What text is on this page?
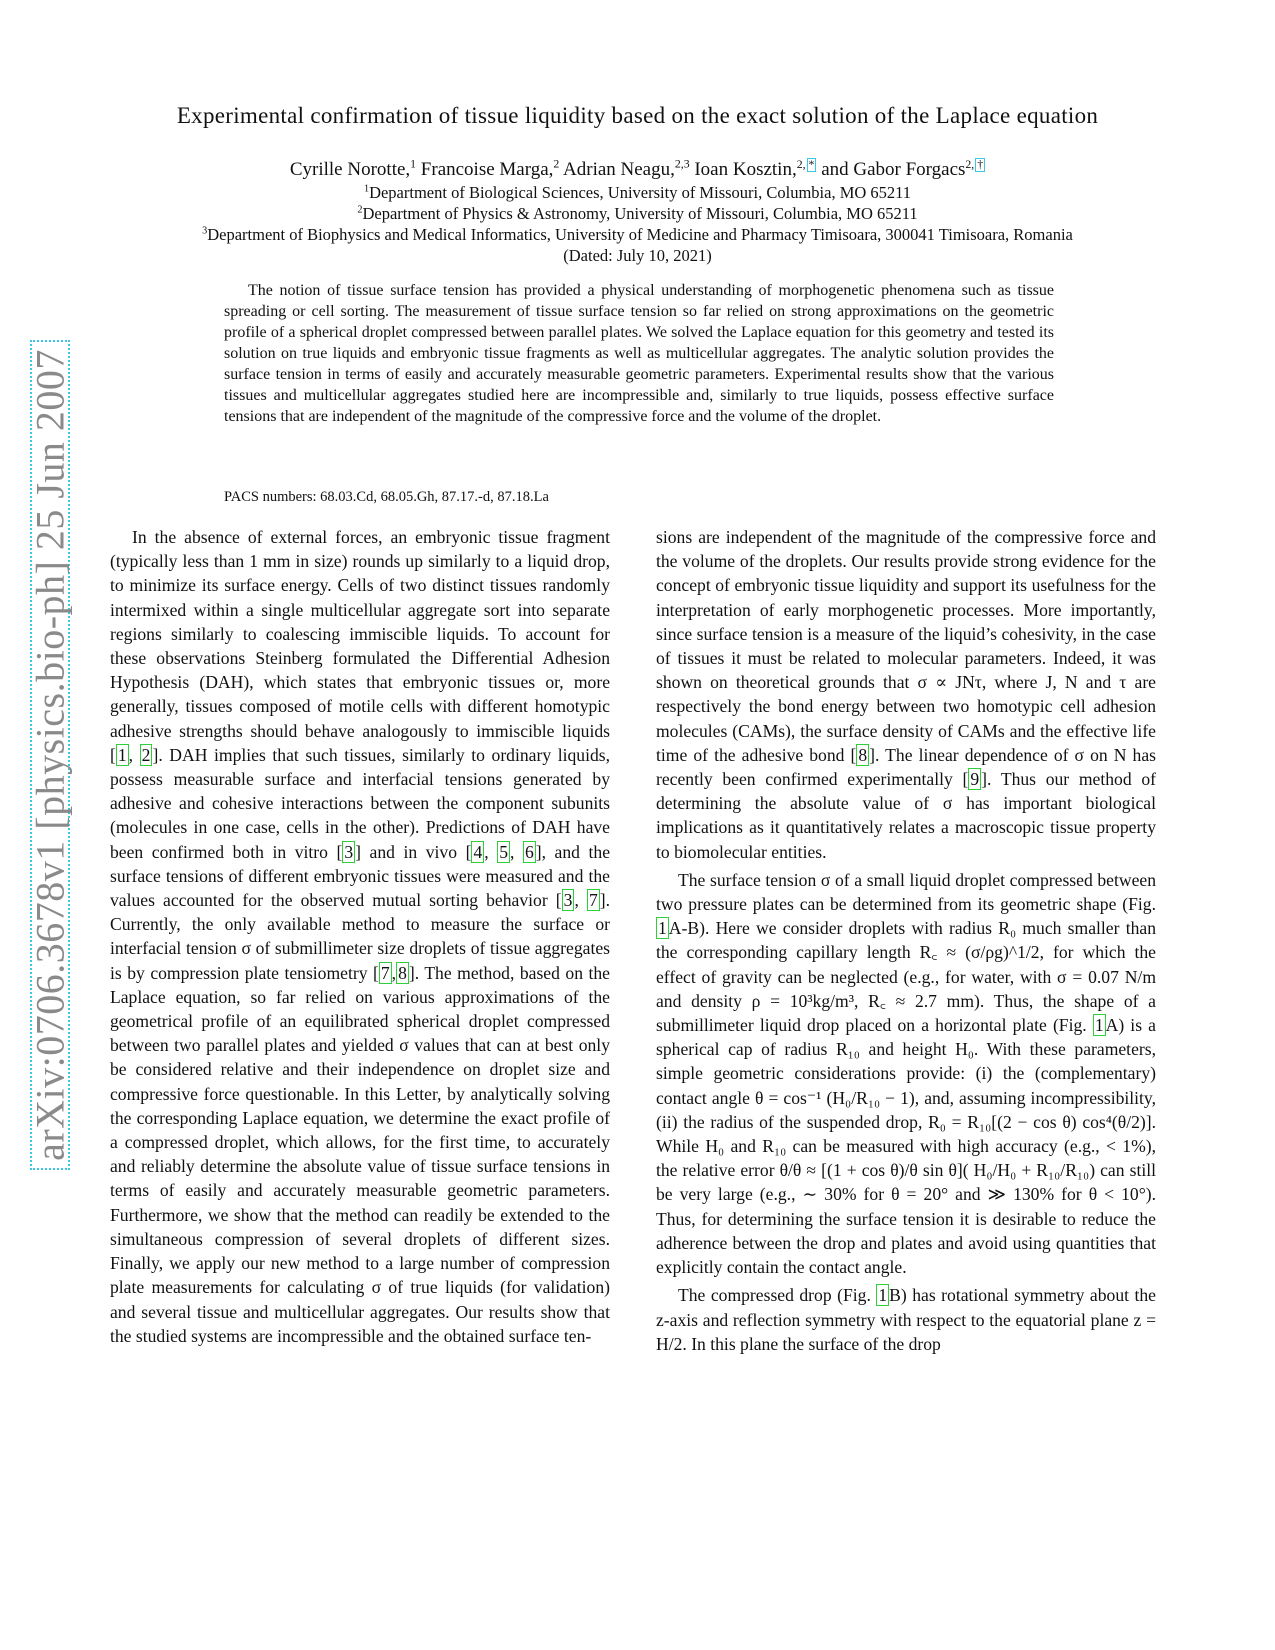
arXiv:0706.3678v1 [physics.bio-ph] 25 Jun 2007
Experimental confirmation of tissue liquidity based on the exact solution of the Laplace equation
Cyrille Norotte,$^1$ Francoise Marga,$^2$ Adrian Neagu,$^{2,3}$ Ioan Kosztin,$^{2, *}$ and Gabor Forgacs$^{2, \dagger}$
$^1$Department of Biological Sciences, University of Missouri, Columbia, MO 65211
$^2$Department of Physics & Astronomy, University of Missouri, Columbia, MO 65211
$^3$Department of Biophysics and Medical Informatics, University of Medicine and Pharmacy Timisoara, 300041 Timisoara, Romania
(Dated: July 10, 2021)
The notion of tissue surface tension has provided a physical understanding of morphogenetic phenomena such as tissue spreading or cell sorting. The measurement of tissue surface tension so far relied on strong approximations on the geometric profile of a spherical droplet compressed between parallel plates. We solved the Laplace equation for this geometry and tested its solution on true liquids and embryonic tissue fragments as well as multicellular aggregates. The analytic solution provides the surface tension in terms of easily and accurately measurable geometric parameters. Experimental results show that the various tissues and multicellular aggregates studied here are incompressible and, similarly to true liquids, possess effective surface tensions that are independent of the magnitude of the compressive force and the volume of the droplet.
PACS numbers: 68.03.Cd, 68.05.Gh, 87.17.-d, 87.18.La

In the absence of external forces, an embryonic tissue fragment (typically less than 1 mm in size) rounds up similarly to a liquid drop, to minimize its surface energy. Cells of two distinct tissues randomly intermixed within a single multicellular aggregate sort into separate regions similarly to coalescing immiscible liquids. To account for these observations Steinberg formulated the Differential Adhesion Hypothesis (DAH), which states that embryonic tissues or, more generally, tissues composed of motile cells with different homotypic adhesive strengths should behave analogously to immiscible liquids [ 1 , 2 ]. DAH implies that such tissues, similarly to ordinary liquids, possess measurable surface and interfacial tensions generated by adhesive and cohesive interactions between the component subunits (molecules in one case, cells in the other). Predictions of DAH have been confirmed both in vitro [ 3 ] and in vivo [ 4 , 5 , 6 ], and the surface tensions of different embryonic tissues were measured and the values accounted for the observed mutual sorting behavior [ 3 , 7 ]. Currently, the only available method to measure the surface or interfacial tension σ of submillimeter size droplets of tissue aggregates is by compression plate tensiometry [ 7 , 8 ]. The method, based on the Laplace equation, so far relied on various approximations of the geometrical profile of an equilibrated spherical droplet compressed between two parallel plates and yielded σ values that can at best only be considered relative and their independence on droplet size and compressive force questionable. In this Letter, by analytically solving the corresponding Laplace equation, we determine the exact profile of a compressed droplet, which allows, for the first time, to accurately and reliably determine the absolute value of tissue surface tensions in terms of easily and accurately measurable geometric parameters. Furthermore, we show that the method can readily be extended to the simultaneous compression of several droplets of different sizes. Finally, we apply our new method to a large number of compression plate measurements for calculating σ of true liquids (for validation) and several tissue and multicellular aggregates. Our results show that the studied systems are incompressible and the obtained surface ten-

sions are independent of the magnitude of the compressive force and the volume of the droplets. Our results provide strong evidence for the concept of embryonic tissue liquidity and support its usefulness for the interpretation of early morphogenetic processes. More importantly, since surface tension is a measure of the liquid’s cohesivity, in the case of tissues it must be related to molecular parameters. Indeed, it was shown on theoretical grounds that σ ∝ JNτ, where J, N and τ are respectively the bond energy between two homotypic cell adhesion molecules (CAMs), the surface density of CAMs and the effective life time of the adhesive bond [ 8 ]. The linear dependence of σ on N has recently been confirmed experimentally [ 9 ]. Thus our method of determining the absolute value of σ has important biological implications as it quantitatively relates a macroscopic tissue property to biomolecular entities.

The surface tension σ of a small liquid droplet compressed between two pressure plates can be determined from its geometric shape (Fig. 1 A-B). Here we consider droplets with radius R₀ much smaller than the corresponding capillary length R꜀ ≈ (σ/ρg)^1/2, for which the effect of gravity can be neglected (e.g., for water, with σ = 0.07 N/m and density ρ = 10³kg/m³, R꜀ ≈ 2.7 mm). Thus, the shape of a submillimeter liquid drop placed on a horizontal plate (Fig. 1 A) is a spherical cap of radius R₁₀ and height H₀. With these parameters, simple geometric considerations provide: (i) the (complementary) contact angle θ = cos⁻¹ (H₀/R₁₀ − 1), and, assuming incompressibility, (ii) the radius of the suspended drop, R₀ = R₁₀[(2 − cos θ) cos⁴(θ/2)]. While H₀ and R₁₀ can be measured with high accuracy (e.g., < 1%), the relative error θ/θ ≈ [(1 + cos θ)/θ sin θ]( H₀/H₀ + R₁₀/R₁₀) can still be very large (e.g., ∼ 30% for θ = 20° and ≫ 130% for θ < 10°). Thus, for determining the surface tension it is desirable to reduce the adherence between the drop and plates and avoid using quantities that explicitly contain the contact angle.

The compressed drop (Fig. 1 B) has rotational symmetry about the z-axis and reflection symmetry with respect to the equatorial plane z = H/2. In this plane the surface of the drop
